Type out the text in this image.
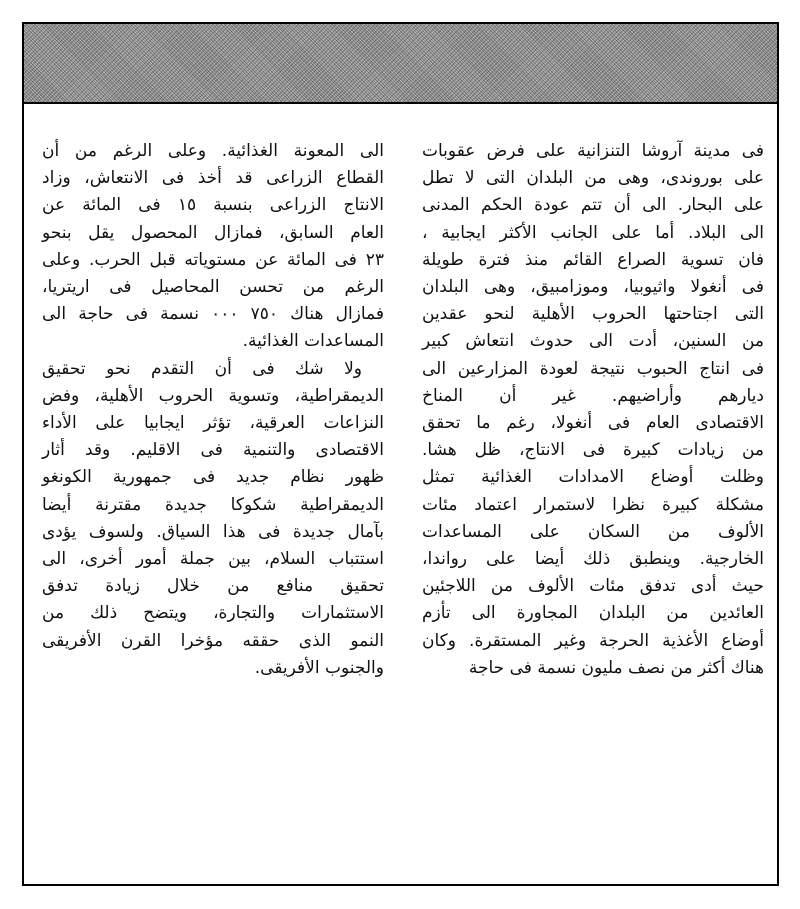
فى مدينة آروشا التنزانية على فرض عقوبات
على بوروندى، وهى من البلدان التى لا تطل
على البحار. الى أن تتم عودة الحكم المدنى
الى البلاد. أما على الجانب الأكثر ايجابية ،
فان تسوية الصراع القائم منذ فترة طويلة
فى أنغولا واثيوبيا، وموزامبيق، وهى البلدان
التى اجتاحتها الحروب الأهلية لنحو عقدين
من السنين، أدت الى حدوث انتعاش كبير
فى انتاج الحبوب نتيجة لعودة المزارعين الى
ديارهم وأراضيهم. غير أن المناخ
الاقتصادى العام فى أنغولا، رغم ما تحقق
من زيادات كبيرة فى الانتاج، ظل هشا.
وظلت أوضاع الامدادات الغذائية تمثل
مشكلة كبيرة نظرا لاستمرار اعتماد مئات
الألوف من السكان على المساعدات
الخارجية. وينطبق ذلك أيضا على رواندا،
حيث أدى تدفق مئات الألوف من اللاجئين
العائدين من البلدان المجاورة الى تأزم
أوضاع الأغذية الحرجة وغير المستقرة. وكان
هناك أكثر من نصف مليون نسمة فى حاجة
الى المعونة الغذائية. وعلى الرغم من أن
القطاع الزراعى قد أخذ فى الانتعاش، وزاد
الانتاج الزراعى بنسبة ١٥ فى المائة عن
العام السابق، فمازال المحصول يقل بنحو
٢٣ فى المائة عن مستوياته قبل الحرب. وعلى
الرغم من تحسن المحاصيل فى اريتريا،
فمازال هناك ٧٥٠ ٠٠٠ نسمة فى حاجة الى
المساعدات الغذائية.
ولا شك فى أن التقدم نحو تحقيق
الديمقراطية، وتسوية الحروب الأهلية، وفض
النزاعات العرقية، تؤثر ايجابيا على الأداء
الاقتصادى والتنمية فى الاقليم. وقد أثار
ظهور نظام جديد فى جمهورية الكونغو
الديمقراطية شكوكا جديدة مقترنة أيضا
بآمال جديدة فى هذا السياق. ولسوف يؤدى
استتباب السلام، بين جملة أمور أخرى، الى
تحقيق منافع من خلال زيادة تدفق
الاستثمارات والتجارة، ويتضح ذلك من
النمو الذى حققه مؤخرا القرن الأفريقى
والجنوب الأفريقى.
